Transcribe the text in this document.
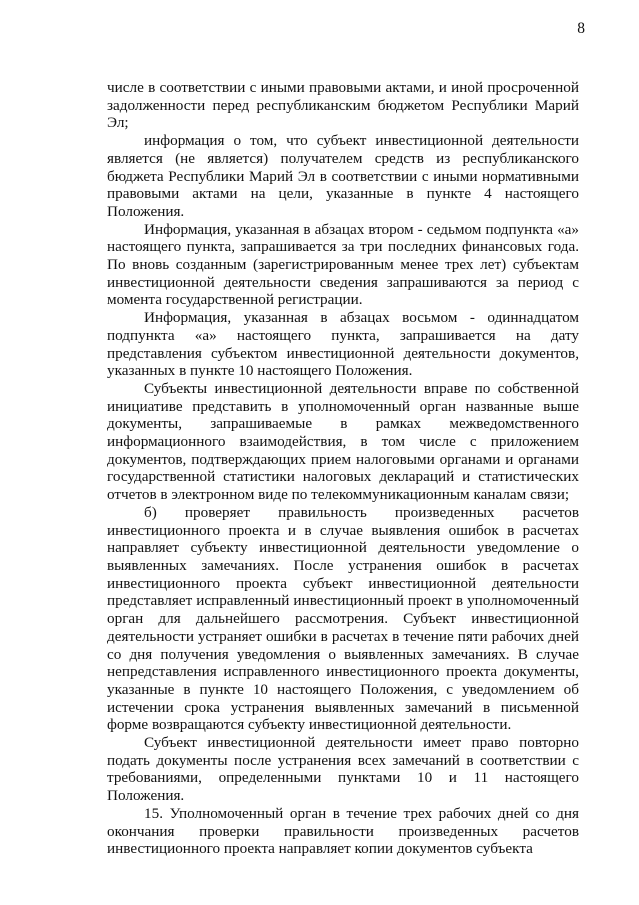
8

числе в соответствии с иными правовыми актами, и иной просроченной задолженности перед республиканским бюджетом Республики Марий Эл;

информация о том, что субъект инвестиционной деятельности является (не является) получателем средств из республиканского бюджета Республики Марий Эл в соответствии с иными нормативными правовыми актами на цели, указанные в пункте 4 настоящего Положения.

Информация, указанная в абзацах втором - седьмом подпункта «а» настоящего пункта, запрашивается за три последних финансовых года. По вновь созданным (зарегистрированным менее трех лет) субъектам инвестиционной деятельности сведения запрашиваются за период с момента государственной регистрации.

Информация, указанная в абзацах восьмом - одиннадцатом подпункта «а» настоящего пункта, запрашивается на дату представления субъектом инвестиционной деятельности документов, указанных в пункте 10 настоящего Положения.

Субъекты инвестиционной деятельности вправе по собственной инициативе представить в уполномоченный орган названные выше документы, запрашиваемые в рамках межведомственного информационного взаимодействия, в том числе с приложением документов, подтверждающих прием налоговыми органами и органами государственной статистики налоговых деклараций и статистических отчетов в электронном виде по телекоммуникационным каналам связи;

б) проверяет правильность произведенных расчетов инвестиционного проекта и в случае выявления ошибок в расчетах направляет субъекту инвестиционной деятельности уведомление о выявленных замечаниях. После устранения ошибок в расчетах инвестиционного проекта субъект инвестиционной деятельности представляет исправленный инвестиционный проект в уполномоченный орган для дальнейшего рассмотрения. Субъект инвестиционной деятельности устраняет ошибки в расчетах в течение пяти рабочих дней со дня получения уведомления о выявленных замечаниях. В случае непредставления исправленного инвестиционного проекта документы, указанные в пункте 10 настоящего Положения, с уведомлением об истечении срока устранения выявленных замечаний в письменной форме возвращаются субъекту инвестиционной деятельности.

Субъект инвестиционной деятельности имеет право повторно подать документы после устранения всех замечаний в соответствии с требованиями, определенными пунктами 10 и 11 настоящего Положения.

15. Уполномоченный орган в течение трех рабочих дней со дня окончания проверки правильности произведенных расчетов инвестиционного проекта направляет копии документов субъекта
